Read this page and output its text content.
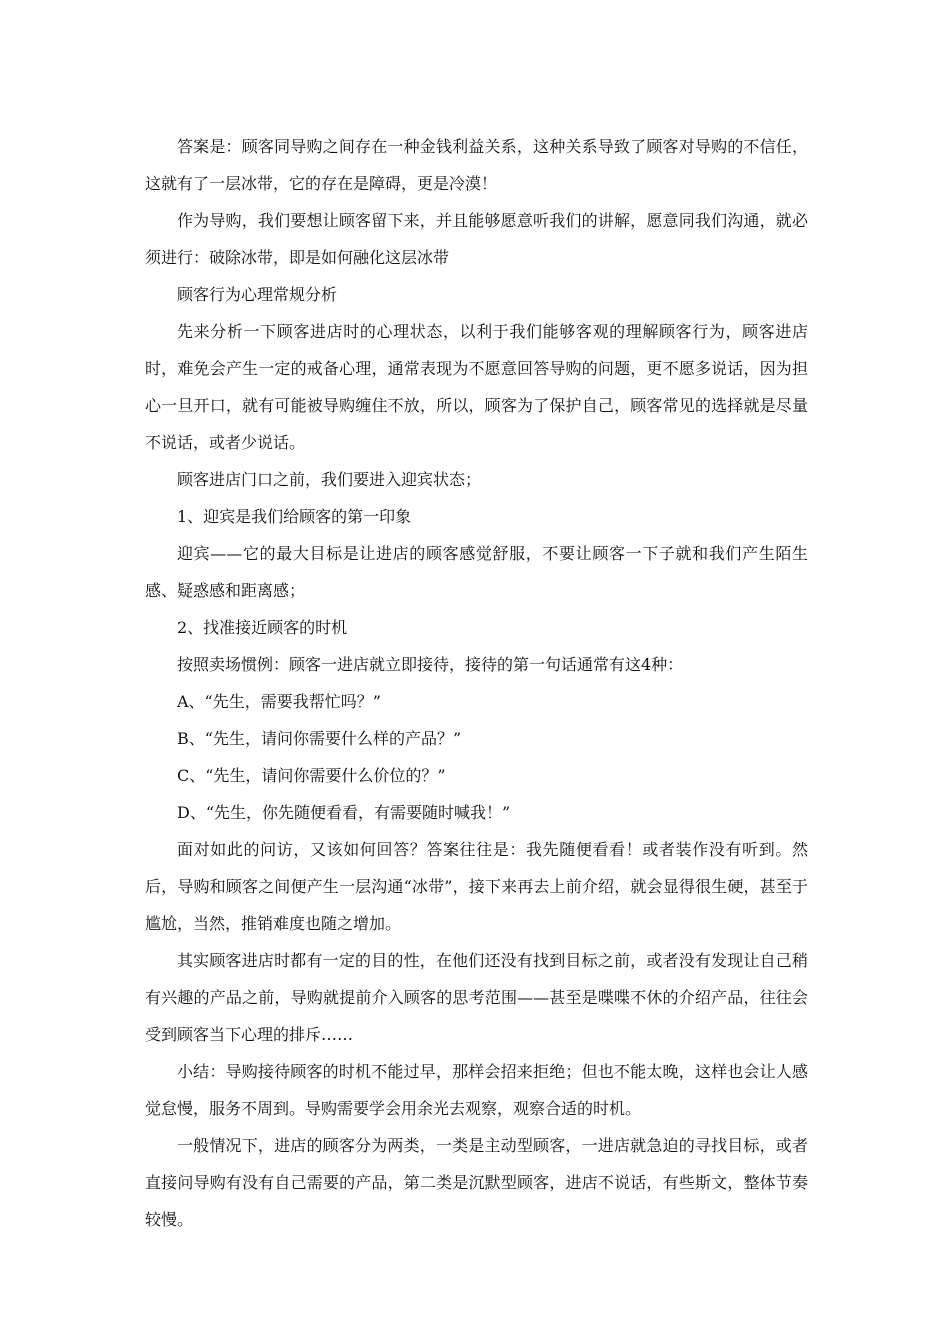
答案是：顾客同导购之间存在一种金钱利益关系，这种关系导致了顾客对导购的不信任，这就有了一层冰带，它的存在是障碍，更是冷漠！

作为导购，我们要想让顾客留下来，并且能够愿意听我们的讲解，愿意同我们沟通，就必须进行：破除冰带，即是如何融化这层冰带

顾客行为心理常规分析

先来分析一下顾客进店时的心理状态，以利于我们能够客观的理解顾客行为，顾客进店时，难免会产生一定的戒备心理，通常表现为不愿意回答导购的问题，更不愿多说话，因为担心一旦开口，就有可能被导购缠住不放，所以，顾客为了保护自己，顾客常见的选择就是尽量不说话，或者少说话。

顾客进店门口之前，我们要进入迎宾状态；

1、迎宾是我们给顾客的第一印象

迎宾——它的最大目标是让进店的顾客感觉舒服，不要让顾客一下子就和我们产生陌生感、疑惑感和距离感；

2、找准接近顾客的时机

按照卖场惯例：顾客一进店就立即接待，接待的第一句话通常有这4种：

A、“先生，需要我帮忙吗？”

B、“先生，请问你需要什么样的产品？”

C、“先生，请问你需要什么价位的？”

D、“先生，你先随便看看，有需要随时喊我！”

面对如此的问访，又该如何回答？答案往往是：我先随便看看！或者装作没有听到。然后，导购和顾客之间便产生一层沟通“冰带”，接下来再去上前介绍，就会显得很生硬，甚至于尴尬，当然，推销难度也随之增加。

其实顾客进店时都有一定的目的性，在他们还没有找到目标之前，或者没有发现让自己稍有兴趣的产品之前，导购就提前介入顾客的思考范围——甚至是喋喋不休的介绍产品，往往会受到顾客当下心理的排斥……

小结：导购接待顾客的时机不能过早，那样会招来拒绝；但也不能太晚，这样也会让人感觉怠慢，服务不周到。导购需要学会用余光去观察，观察合适的时机。

一般情况下，进店的顾客分为两类，一类是主动型顾客，一进店就急迫的寻找目标，或者直接问导购有没有自己需要的产品，第二类是沉默型顾客，进店不说话，有些斯文，整体节奏较慢。
